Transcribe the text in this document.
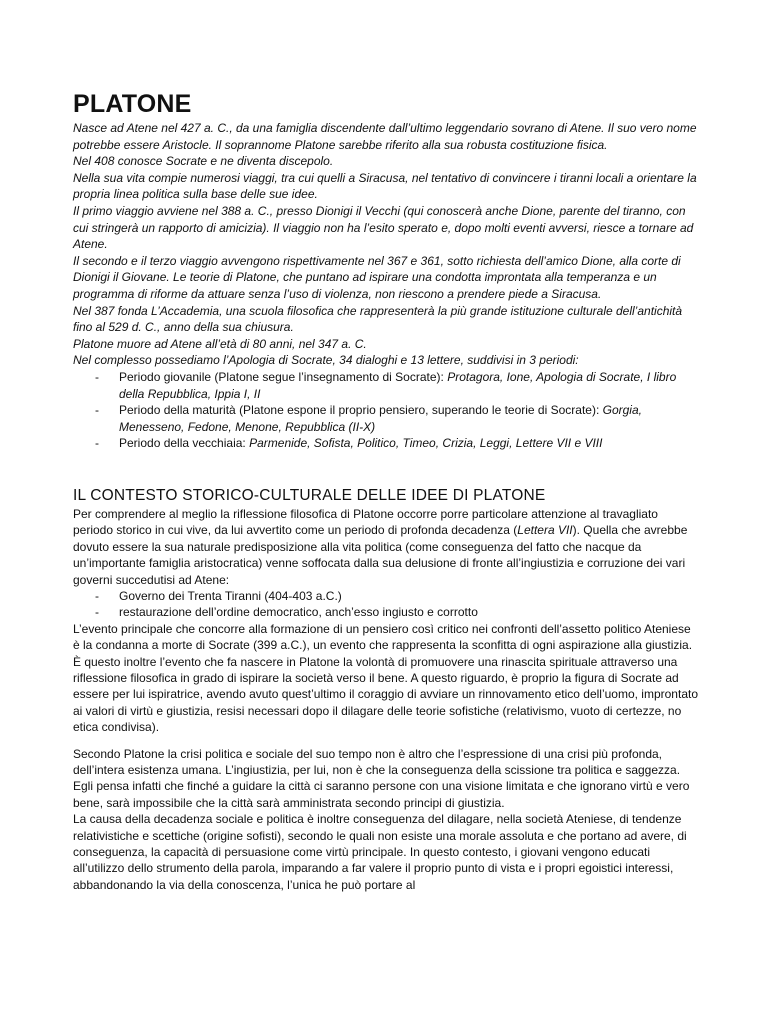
PLATONE

Nasce ad Atene nel 427 a. C., da una famiglia discendente dall’ultimo leggendario sovrano di Atene. Il suo vero nome potrebbe essere Aristocle. Il soprannome Platone sarebbe riferito alla sua robusta costituzione fisica.

Nel 408 conosce Socrate e ne diventa discepolo.

Nella sua vita compie numerosi viaggi, tra cui quelli a Siracusa, nel tentativo di convincere i tiranni locali a orientare la propria linea politica sulla base delle sue idee.

Il primo viaggio avviene nel 388 a. C., presso Dionigi il Vecchi (qui conoscerà anche Dione, parente del tiranno, con cui stringerà un rapporto di amicizia). Il viaggio non ha l’esito sperato e, dopo molti eventi avversi, riesce a tornare ad Atene.

Il secondo e il terzo viaggio avvengono rispettivamente nel 367 e 361, sotto richiesta dell’amico Dione, alla corte di Dionigi il Giovane. Le teorie di Platone, che puntano ad ispirare una condotta improntata alla temperanza e un programma di riforme da attuare senza l’uso di violenza, non riescono a prendere piede a Siracusa.

Nel 387 fonda L’Accademia, una scuola filosofica che rappresenterà la più grande istituzione culturale dell’antichità fino al 529 d. C., anno della sua chiusura.

Platone muore ad Atene all’età di 80 anni, nel 347 a. C.

Nel complesso possediamo l’Apologia di Socrate, 34 dialoghi e 13 lettere, suddivisi in 3 periodi:

- Periodo giovanile (Platone segue l’insegnamento di Socrate): Protagora, Ione, Apologia di Socrate, I libro della Repubblica, Ippia I, II
- Periodo della maturità (Platone espone il proprio pensiero, superando le teorie di Socrate): Gorgia, Menesseno, Fedone, Menone, Repubblica (II-X)
- Periodo della vecchiaia: Parmenide, Sofista, Politico, Timeo, Crizia, Leggi, Lettere VII e VIII
IL CONTESTO STORICO-CULTURALE DELLE IDEE DI PLATONE

Per comprendere al meglio la riflessione filosofica di Platone occorre porre particolare attenzione al travagliato periodo storico in cui vive, da lui avvertito come un periodo di profonda decadenza (Lettera VII). Quella che avrebbe dovuto essere la sua naturale predisposizione alla vita politica (come conseguenza del fatto che nacque da un’importante famiglia aristocratica) venne soffocata dalla sua delusione di fronte all’ingiustizia e corruzione dei vari governi succedutisi ad Atene:

- Governo dei Trenta Tiranni (404-403 a.C.)
- restaurazione dell’ordine democratico, anch’esso ingiusto e corrotto

L’evento principale che concorre alla formazione di un pensiero così critico nei confronti dell’assetto politico Ateniese è la condanna a morte di Socrate (399 a.C.), un evento che rappresenta la sconfitta di ogni aspirazione alla giustizia. È questo inoltre l’evento che fa nascere in Platone la volontà di promuovere una rinascita spirituale attraverso una riflessione filosofica in grado di ispirare la società verso il bene. A questo riguardo, è proprio la figura di Socrate ad essere per lui ispiratrice, avendo avuto quest’ultimo il coraggio di avviare un rinnovamento etico dell’uomo, improntato ai valori di virtù e giustizia, resisi necessari dopo il dilagare delle teorie sofistiche (relativismo, vuoto di certezze, no etica condivisa).

Secondo Platone la crisi politica e sociale del suo tempo non è altro che l’espressione di una crisi più profonda, dell’intera esistenza umana. L’ingiustizia, per lui, non è che la conseguenza della scissione tra politica e saggezza. Egli pensa infatti che finché a guidare la città ci saranno persone con una visione limitata e che ignorano virtù e vero bene, sarà impossibile che la città sarà amministrata secondo principi di giustizia.

La causa della decadenza sociale e politica è inoltre conseguenza del dilagare, nella società Ateniese, di tendenze relativistiche e scettiche (origine sofisti), secondo le quali non esiste una morale assoluta e che portano ad avere, di conseguenza, la capacità di persuasione come virtù principale. In questo contesto, i giovani vengono educati all’utilizzo dello strumento della parola, imparando a far valere il proprio punto di vista e i propri egoistici interessi, abbandonando la via della conoscenza, l’unica he può portare al
